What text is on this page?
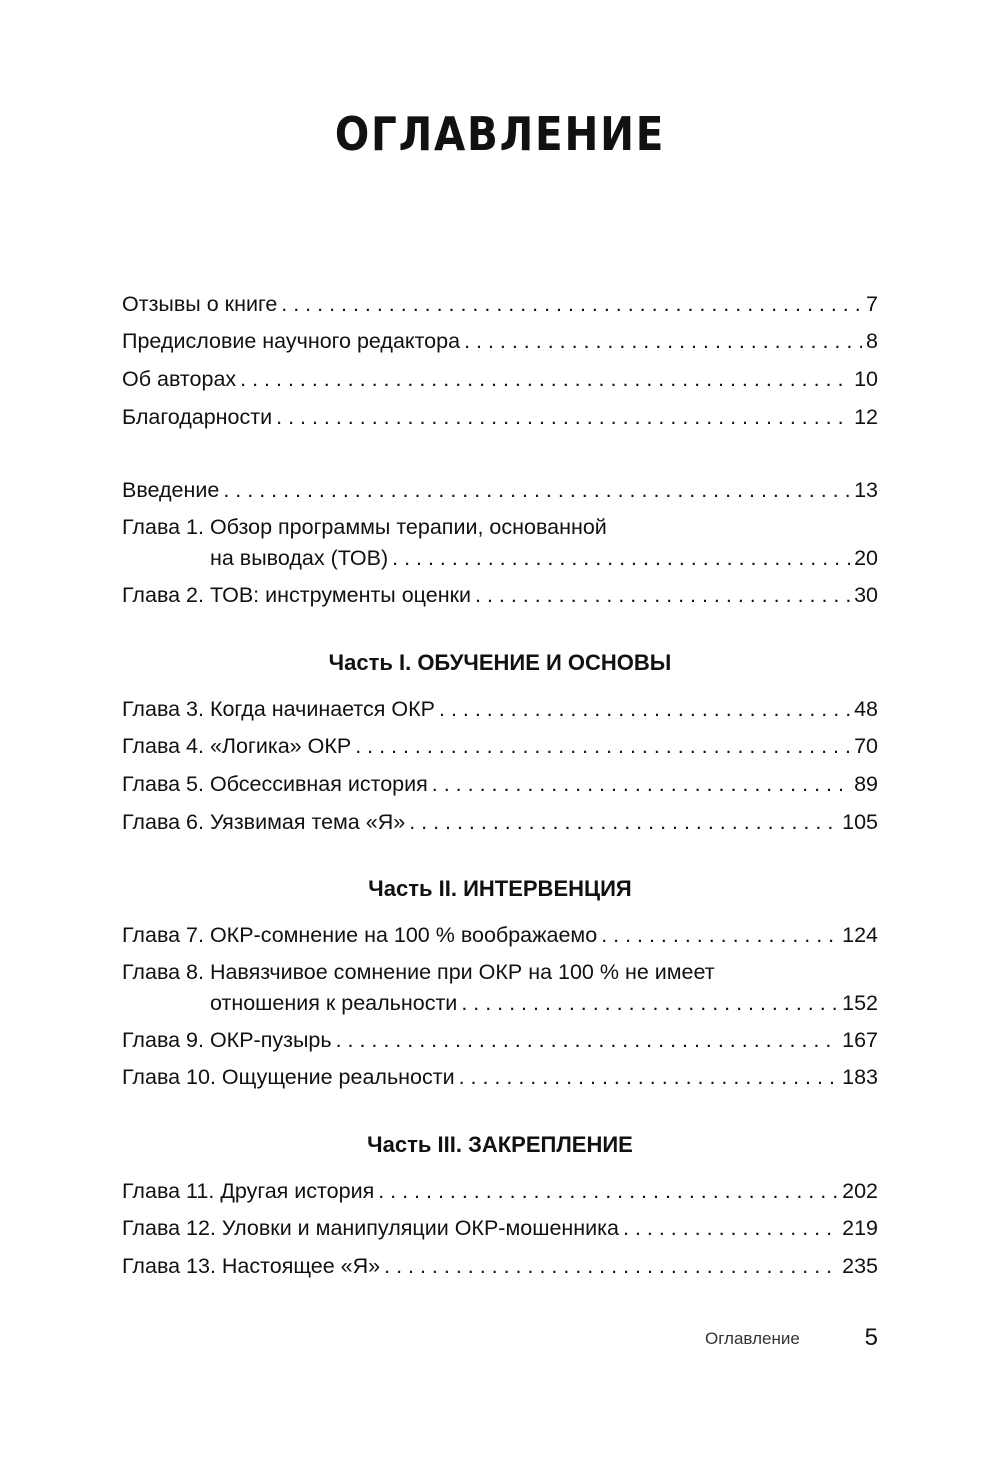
ОГЛАВЛЕНИЕ
Отзывы о книге . . .	7
Предисловие научного редактора . . .	8
Об авторах . . .	10
Благодарности . . .	12
Введение . . .	13
Глава 1. Обзор программы терапии, основанной
на выводах (ТОВ) . . .	20
Глава 2. ТОВ: инструменты оценки . . .	30
Часть I. ОБУЧЕНИЕ И ОСНОВЫ
Глава 3. Когда начинается ОКР . . .	48
Глава 4. «Логика» ОКР . . .	70
Глава 5. Обсессивная история . . .	89
Глава 6. Уязвимая тема «Я» . . .	105
Часть II. ИНТЕРВЕНЦИЯ
Глава 7. ОКР-сомнение на 100 % воображаемо . . .	124
Глава 8. Навязчивое сомнение при ОКР на 100 % не имеет
отношения к реальности . . .	152
Глава 9. ОКР-пузырь . . .	167
Глава 10. Ощущение реальности . . .	183
Часть III. ЗАКРЕПЛЕНИЕ
Глава 11. Другая история . . .	202
Глава 12. Уловки и манипуляции ОКР-мошенника . . .	219
Глава 13. Настоящее «Я» . . .	235
Оглавление	5
